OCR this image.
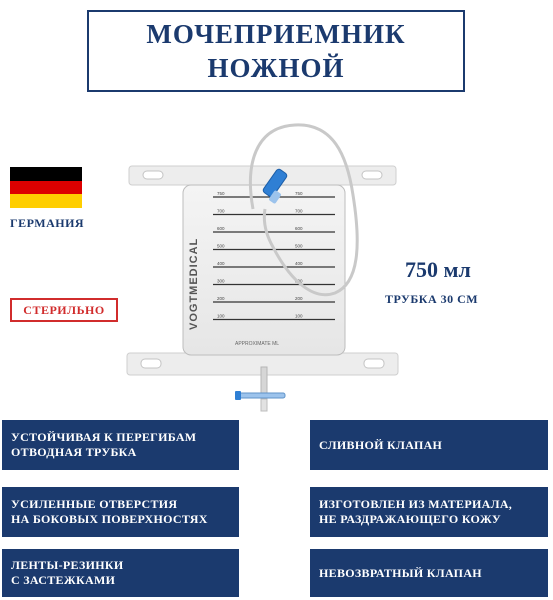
МОЧЕПРИЕМНИК
НОЖНОЙ
ГЕРМАНИЯ
СТЕРИЛЬНО
750 мл
ТРУБКА 30 СМ
750	750
700	700
600	600
500	500
400	400
300	300
200	200
100	100
VOGTMEDICAL
APPROXIMATE ML
УСТОЙЧИВАЯ К ПЕРЕГИБАМ
ОТВОДНАЯ ТРУБКА
СЛИВНОЙ КЛАПАН
УСИЛЕННЫЕ ОТВЕРСТИЯ
НА БОКОВЫХ ПОВЕРХНОСТЯХ
ИЗГОТОВЛЕН ИЗ МАТЕРИАЛА,
НЕ РАЗДРАЖАЮЩЕГО КОЖУ
ЛЕНТЫ-РЕЗИНКИ
С ЗАСТЕЖКАМИ
НЕВОЗВРАТНЫЙ КЛАПАН
